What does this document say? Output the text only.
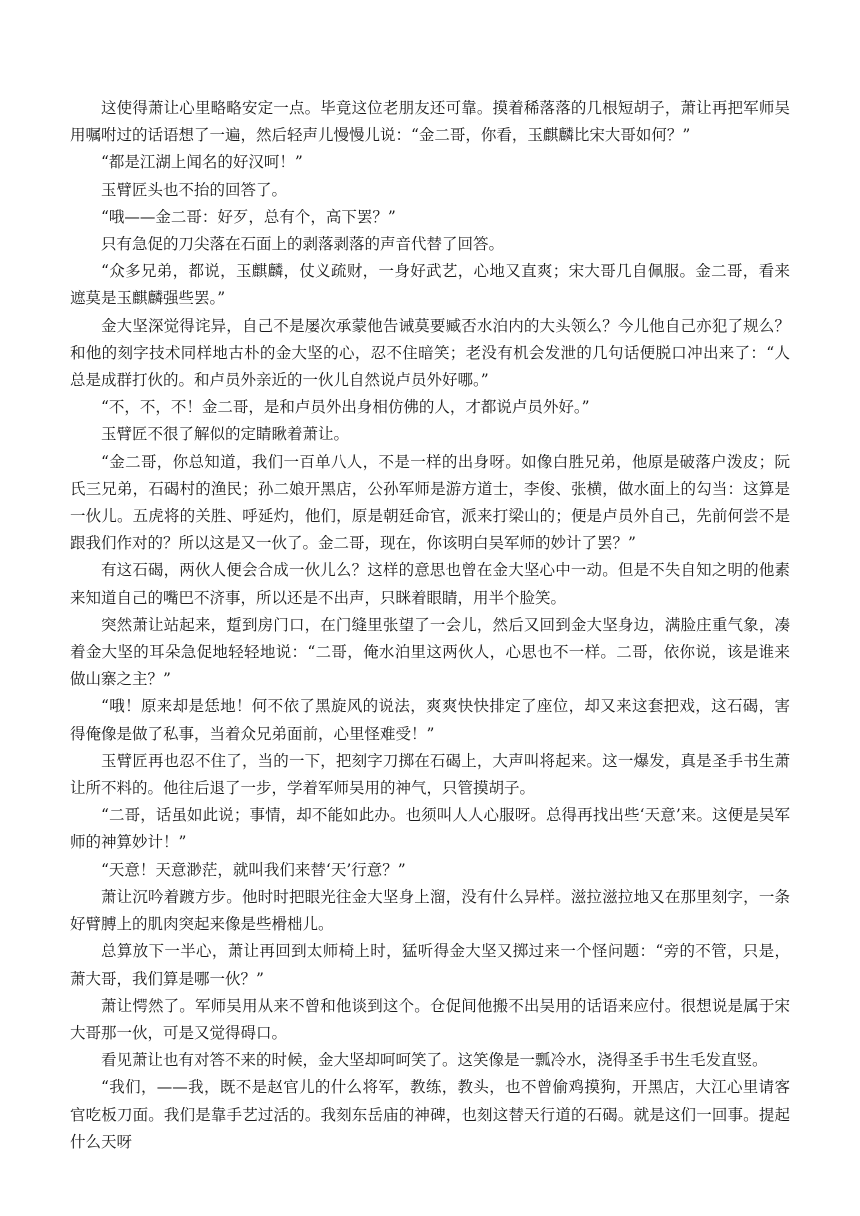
这使得萧让心里略略安定一点。毕竟这位老朋友还可靠。摸着稀落落的几根短胡子，萧让再把军师吴用嘱咐过的话语想了一遍，然后轻声儿慢慢儿说：“金二哥，你看，玉麒麟比宋大哥如何？”

“都是江湖上闻名的好汉呵！”

玉臂匠头也不抬的回答了。

“哦——金二哥：好歹，总有个，高下罢？”

只有急促的刀尖落在石面上的剥落剥落的声音代替了回答。

“众多兄弟，都说，玉麒麟，仗义疏财，一身好武艺，心地又直爽；宋大哥几自佩服。金二哥，看来遮莫是玉麒麟强些罢。”

金大坚深觉得诧异，自己不是屡次承蒙他告诫莫要臧否水泊内的大头领么？今儿他自己亦犯了规么？和他的刻字技术同样地古朴的金大坚的心，忍不住暗笑；老没有机会发泄的几句话便脱口冲出来了：“人总是成群打伙的。和卢员外亲近的一伙儿自然说卢员外好哪。”

“不，不，不！金二哥，是和卢员外出身相仿佛的人，才都说卢员外好。”

玉臂匠不很了解似的定睛瞅着萧让。

“金二哥，你总知道，我们一百单八人，不是一样的出身呀。如像白胜兄弟，他原是破落户泼皮；阮氏三兄弟，石碣村的渔民；孙二娘开黑店，公孙军师是游方道士，李俊、张横，做水面上的勾当：这算是一伙儿。五虎将的关胜、呼延灼，他们，原是朝廷命官，派来打梁山的；便是卢员外自己，先前何尝不是跟我们作对的？所以这是又一伙了。金二哥，现在，你该明白吴军师的妙计了罢？”

有这石碣，两伙人便会合成一伙儿么？这样的意思也曾在金大坚心中一动。但是不失自知之明的他素来知道自己的嘴巴不济事，所以还是不出声，只眯着眼睛，用半个脸笑。

突然萧让站起来，踅到房门口，在门缝里张望了一会儿，然后又回到金大坚身边，满脸庄重气象，凑着金大坚的耳朵急促地轻轻地说：“二哥，俺水泊里这两伙人，心思也不一样。二哥，依你说，该是谁来做山寨之主？”

“哦！原来却是恁地！何不依了黑旋风的说法，爽爽快快排定了座位，却又来这套把戏，这石碣，害得俺像是做了私事，当着众兄弟面前，心里怪难受！”

玉臂匠再也忍不住了，当的一下，把刻字刀掷在石碣上，大声叫将起来。这一爆发，真是圣手书生萧让所不料的。他往后退了一步，学着军师吴用的神气，只管摸胡子。

“二哥，话虽如此说；事情，却不能如此办。也须叫人人心服呀。总得再找出些‘天意’来。这便是吴军师的神算妙计！”

“天意！天意渺茫，就叫我们来替‘天’行意？”

萧让沉吟着踱方步。他时时把眼光往金大坚身上溜，没有什么异样。滋拉滋拉地又在那里刻字，一条好臂膊上的肌肉突起来像是些榾柮儿。

总算放下一半心，萧让再回到太师椅上时，猛听得金大坚又掷过来一个怪问题：“旁的不管，只是，萧大哥，我们算是哪一伙？”

萧让愕然了。军师吴用从来不曾和他谈到这个。仓促间他搬不出吴用的话语来应付。很想说是属于宋大哥那一伙，可是又觉得碍口。

看见萧让也有对答不来的时候，金大坚却呵呵笑了。这笑像是一瓢冷水，浇得圣手书生毛发直竖。

“我们，——我，既不是赵官儿的什么将军，教练，教头，也不曾偷鸡摸狗，开黑店，大江心里请客官吃板刀面。我们是靠手艺过活的。我刻东岳庙的神碑，也刻这替天行道的石碣。就是这们一回事。提起什么天呀
